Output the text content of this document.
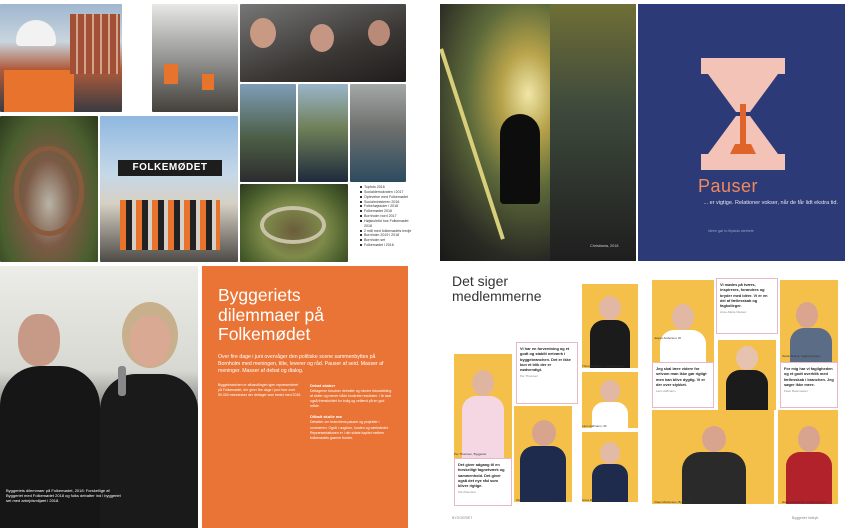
FOLKEMØDET
Topfoto 2016
Socialdemokraten i 2017
Oplevelse med Folkemødet
Socialministeren 2016
Folkehøjskoler i 2018
Folkemødet 2016
Bornholm nord 2017
Højskoletid hos Folkemødet 2018
2 mål med folkemødets tredje
Bornholm 2019 i 2018
Bornholm set
Folkemødet i 2016	Christiania, 2018
Pauser
... er vigtige. Relationer vokser, når de får lidt ekstra tid.
Ideen gør to tilpasto værkete
Byggeriets dilemmaer på Folkemødet, 2018: Forskellige af Byggeriet med Folkemødet 2018 og folks debatter ind i byggeriet set med arbejdsmiljøet i 2018.
Byggeriets
dilemmaer på
Folkemødet
Over fire dage i juni overvåger den politiske scene sammenbyttes på Bornholm med meningen, tilte, leverer og råd. Pauser af seid. Masser af meninger. Masser af debat og dialog.
Byggebranchen er afhandlingen igen repræsenteret på Folkemødet, der giver fire dage i juni hvor over 50.000 mennesker der deltager som bedst med 2016.
Debat skaber
Deltagerne forudser debatter og mindre tidsudvikling af stofer og mener både konkrete resultater. I år skal også fremskridtet for bolig og velfærd på en god måde.

Dilbalt skulle mø
Debatter om branchens pauser og projekter i sommeren. Også i ungdom, lunden og værkstedet. Repræsentationen er i det sidste kapitel mellem folkemødets grønne fronter.
Det siger
medlemmerne
Vi har en forventning og et godt og stabilt netværk i byggebranchen. Det er ikke kun et blik der er nødvendigt.
Per Thomsen
Det giver adgang til en forskelligt fagnetværk og sammenhold. Det giver også det nye råd som bliver rigtige.
Ole Pilemann
Vi mødes på tværs, inspireres, forandres og bryder med idéer. Vi er en del af fællesskab og fagkolleger.
Anne-Mette Nielsen
Jeg skal lære videre for selvom man ikke gør rigtigt men kan blive dygtig. Vi er der over stykket.
Lars Hoffmann
For mig har vi fagligheden og et godt overblik med fællesskab i branchen. Jeg søger ikke mere.
Peter Rasmussen
Thomas Hansen, Fagforeningen
Per Thomsen, Byggeriet
Ole Pilemann, Bornholm
Lars Hoffmann, 3F
Anna Dahlberg, DI
Jesper Andersen, DI
Søren Boeck, Fagforeningen
Claus Mortensen, Byggeriet	Hans Hendriksen, Fagforeningen
BYGGERIET	Byggeriet Indtryk
